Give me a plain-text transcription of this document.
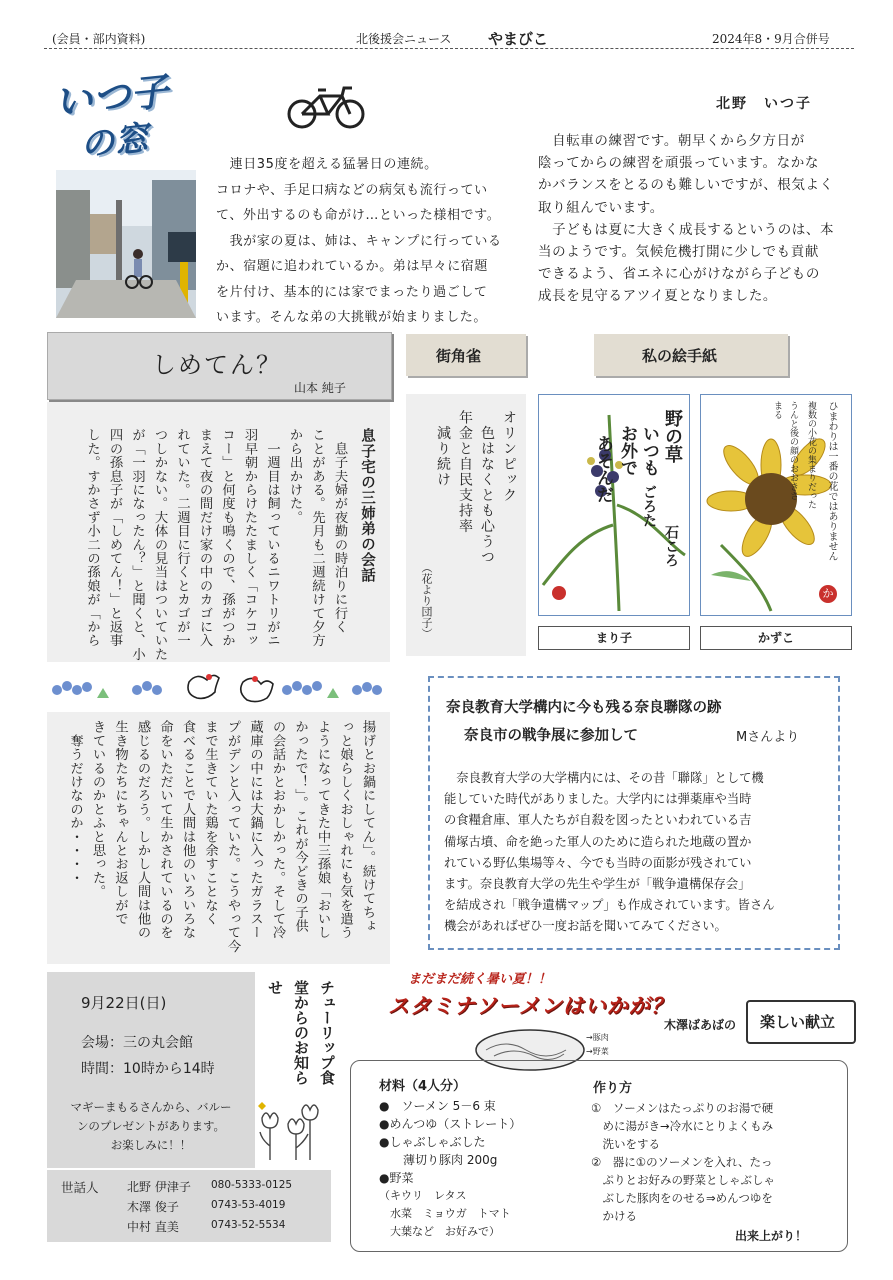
(会員・部内資料)	北後援会ニュース やまびこ	2024年8・9月合併号
いつ子
の窓
北野　いつ子
　連日35度を超える猛暑日の連続。
コロナや、手足口病などの病気も流行ってい
て、外出するのも命がけ…といった様相です。
　我が家の夏は、姉は、キャンプに行っている
か、宿題に追われているか。弟は早々に宿題
を片付け、基本的には家でまったり過ごして
います。そんな弟の大挑戦が始まりました。
　自転車の練習です。朝早くから夕方日が
陰ってからの練習を頑張っています。なかな
かバランスをとるのも難しいですが、根気よく
取り組んでいます。
　子どもは夏に大きく成長するというのは、本
当のようです。気候危機打開に少しでも貢献
できるよう、省エネに心がけながら子どもの
成長を見守るアツイ夏となりました。
しめてん？
山本 純子
息子宅の三姉弟の会話
　息子夫婦が夜勤の時泊りに行く
ことがある。先月も二週続けて夕方
から出かけた。
　一週目は飼っているニワトリがニ
羽早朝からけたたましく「コケコッ
コー」と何度も鳴くので、孫がつか
まえて夜の間だけ家の中のカゴに入
れていた。二週目に行くとカゴが一
つしかない。大体の見当はついていた
が「一羽になったん？」と聞くと、小
四の孫息子が「しめてん！」と返事
した。すかさず小二の孫娘が「から
揚げとお鍋にしてん」。続けてちょ
っと娘らしくおしゃれにも気を遣う
ようになってきた中三孫娘「おいし
かったで！」。これが今どきの子供
の会話かとおかしかった。そして冷
蔵庫の中には大鍋に入ったガラスー
プがデンと入っていた。こうやって今
まで生きていた鶏を余すことなく
食べることで人間は他のいろいろな
命をいただいて生かされているのを
感じるのだろう。しかし人間は他の
生き物たちにちゃんとお返しがで
きているのかとふと思った。
　奪うだけなのか・・・・
街角雀
オリンピック
　色はなくとも心うつ
年金と自民支持率
　減り続け
（花より団子）
私の絵手紙
いつも
お外で
あそんだ	野の草
ごろた
石ころ	ひまわりは一番の花ではありません
複数の小花の集まりだった
うんと後の顔のおおきさ
まる
か
まり子	かずこ
奈良教育大学構内に今も残る奈良聯隊の跡
奈良市の戦争展に参加して	Mさんより
　奈良教育大学の大学構内には、その昔「聯隊」として機
能していた時代がありました。大学内には弾薬庫や当時
の食糧倉庫、軍人たちが自殺を図ったといわれている吉
備塚古墳、命を絶った軍人のために造られた地蔵の置か
れている野仏集場等々、今でも当時の面影が残されてい
ます。奈良教育大学の先生や学生が「戦争遺構保存会」
を結成され「戦争遺構マップ」も作成されています。皆さん
機会があればぜひ一度お話を聞いてみてください。
9月22日(日)
会場：三の丸会館
時間：10時から14時
マギーまもるさんから、バルー
ンのプレゼントがあります。
お楽しみに！！
チューリップ食堂からのお知らせ
世話人 北野 伊津子 080-5333-0125
木澤 俊子	0743-53-4019
中村 直美	0743-52-5534
まだまだ続く暑い夏！！
スタミナソーメンはいかが？
木澤ばあばの 楽しい献立
→豚肉
→野菜
材料（4人分）
●　ソーメン 5－6 束
●めんつゆ（ストレート）
●しゃぶしゃぶした
　　薄切り豚肉 200g
●野菜
（キウリ　レタス
　水菜　ミョウガ　トマト
　大葉など　お好みで）
作り方
①　ソーメンはたっぷりのお湯で硬
　めに湯がき→冷水にとりよくもみ
　洗いをする
②　器に①のソーメンを入れ、たっ
　ぷりとお好みの野菜としゃぶしゃ
　ぶした豚肉をのせる⇒めんつゆを
　かける
出来上がり！
